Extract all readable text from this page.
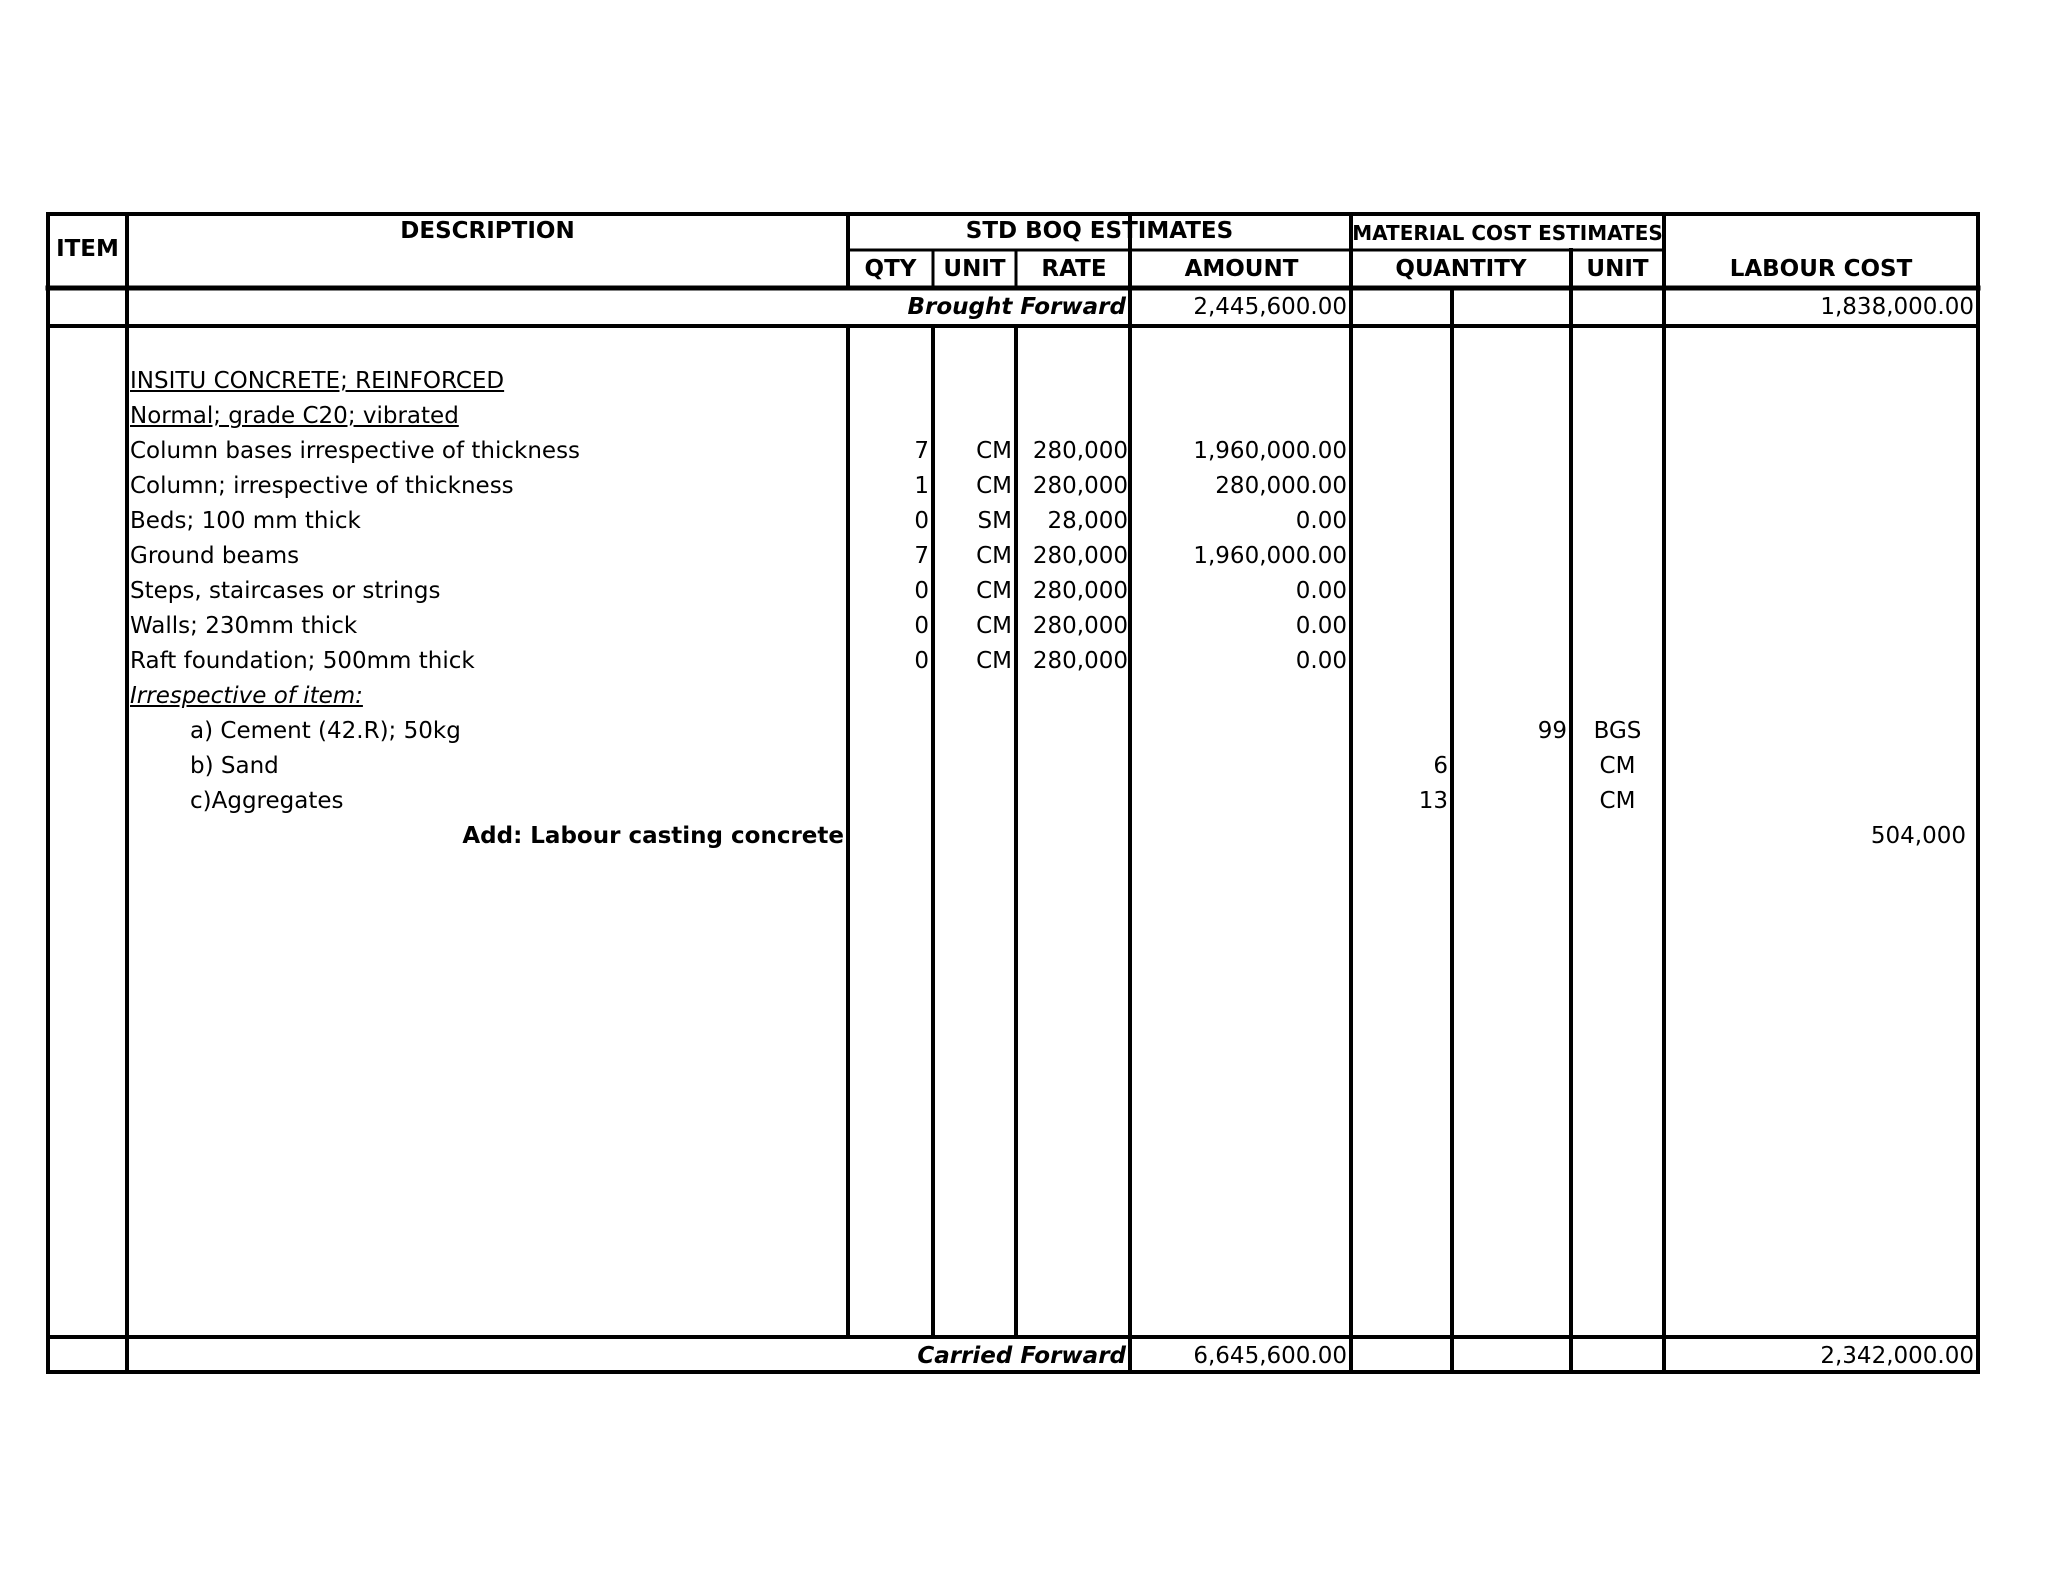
ITEM
DESCRIPTION	STD BOQ ESTIMATES
QTY	UNIT	RATE	AMOUNT
MATERIAL COST ESTIMATES
QUANTITY	UNIT	LABOUR COST
Brought Forward	2,445,600.00	1,838,000.00
INSITU CONCRETE; REINFORCED
Normal; grade C20; vibrated
Column bases irrespective of thickness	7	CM 280,000	1,960,000.00
Column; irrespective of thickness	1	CM 280,000	280,000.00
Beds; 100 mm thick	0	SM	28,000	0.00
Ground beams	7	CM 280,000	1,960,000.00
Steps, staircases or strings	0	CM 280,000	0.00
Walls; 230mm thick	0	CM 280,000	0.00
Raft foundation; 500mm thick	0	CM 280,000	0.00
Irrespective of item:
a) Cement (42.R); 50kg	99	BGS
b) Sand	6	CM
c)Aggregates	13	CM
Add: Labour casting concrete	504,000
Carried Forward	6,645,600.00	2,342,000.00
